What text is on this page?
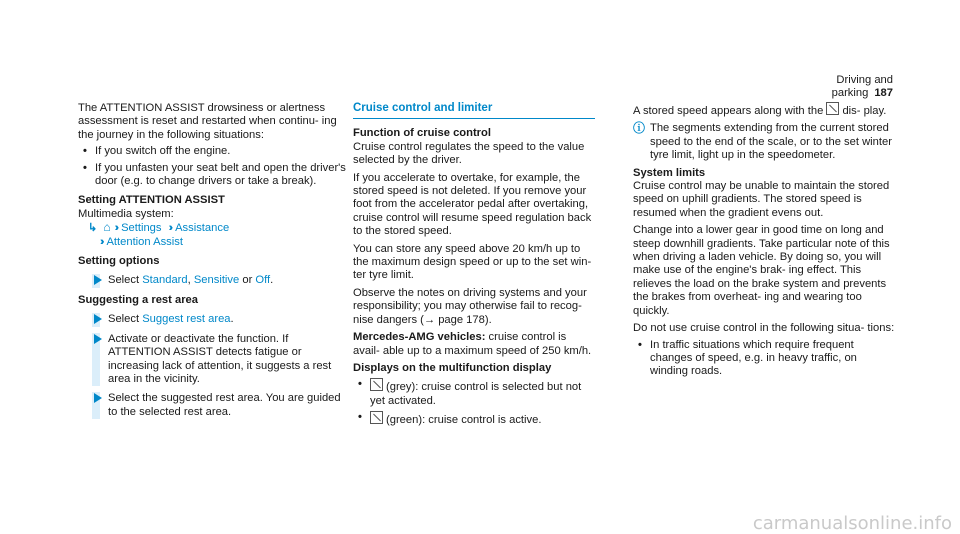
Driving and parking 187

The ATTENTION ASSIST drowsiness or alertness assessment is reset and restarted when continu- ing the journey in the following situations:

• If you switch off the engine.
• If you unfasten your seat belt and open the driver's door (e.g. to change drivers or take a break).

Setting ATTENTION ASSIST

Multimedia system:

↳ ⌂ ›› Settings ›› Assistance

›› Attention Assist

Setting options

Select Standard, Sensitive or Off.

Suggesting a rest area

Select Suggest rest area.
Activate or deactivate the function. If ATTENTION ASSIST detects fatigue or increasing lack of attention, it suggests a rest area in the vicinity.
Select the suggested rest area. You are guided to the selected rest area.
Cruise control and limiter

Function of cruise control

Cruise control regulates the speed to the value selected by the driver.

If you accelerate to overtake, for example, the stored speed is not deleted. If you remove your foot from the accelerator pedal after overtaking, cruise control will resume speed regulation back to the stored speed.

You can store any speed above 20 km/h up to the maximum design speed or up to the set win- ter tyre limit.

Observe the notes on driving systems and your responsibility; you may otherwise fail to recog- nise dangers (→ page 178).

Mercedes-AMG vehicles: cruise control is avail- able up to a maximum speed of 250 km/h.

Displays on the multifunction display

• (grey): cruise control is selected but not yet activated.
• (green): cruise control is active.

A stored speed appears along with the dis- play.

ⓘ The segments extending from the current stored speed to the end of the scale, or to the set winter tyre limit, light up in the speedometer.

System limits

Cruise control may be unable to maintain the stored speed on uphill gradients. The stored speed is resumed when the gradient evens out.

Change into a lower gear in good time on long and steep downhill gradients. Take particular note of this when driving a laden vehicle. By doing so, you will make use of the engine's brak- ing effect. This relieves the load on the brake system and prevents the brakes from overheat- ing and wearing too quickly.

Do not use cruise control in the following situa- tions:

• In traffic situations which require frequent changes of speed, e.g. in heavy traffic, on winding roads.
carmanualsonline.info
